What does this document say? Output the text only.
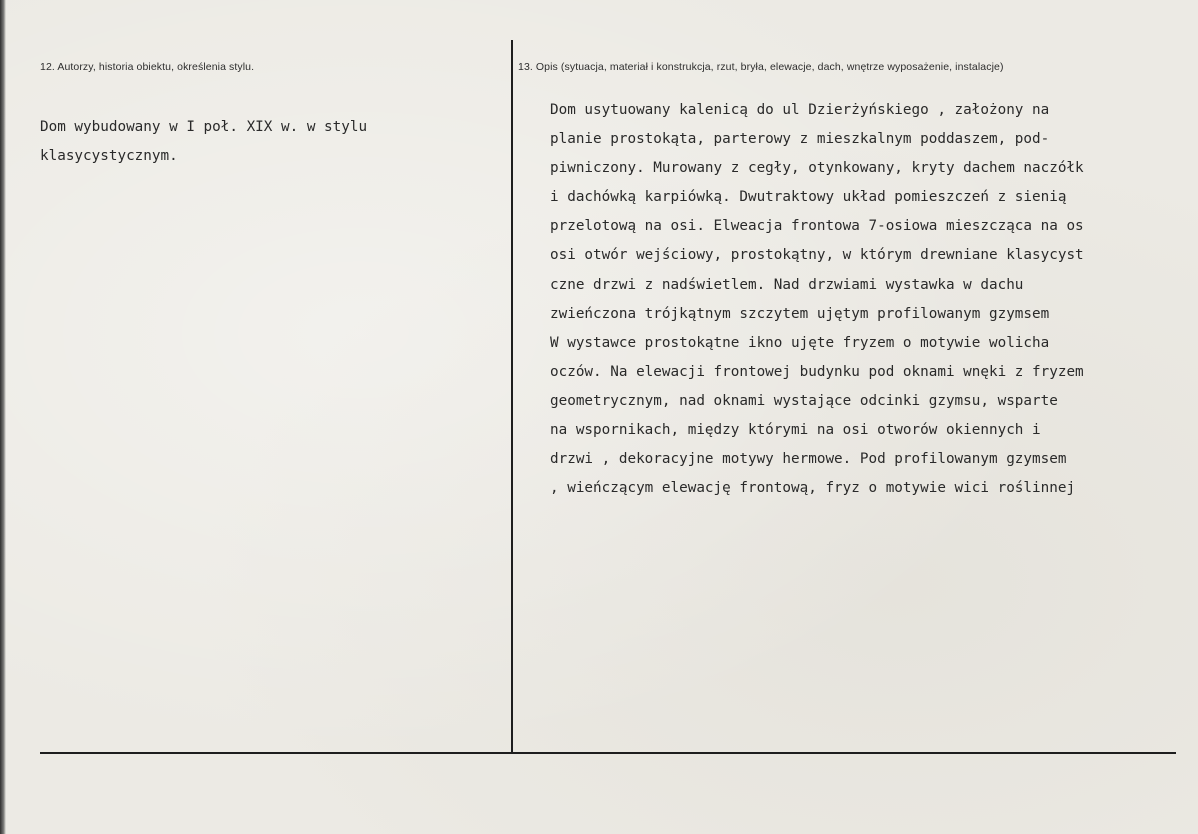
12. Autorzy, historia obiektu, określenia stylu.	13. Opis (sytuacja, materiał i konstrukcja, rzut, bryła, elewacje, dach, wnętrze wyposażenie, instalacje)
Dom wybudowany w I poł. XIX w. w stylu
klasycystycznym.
Dom usytuowany kalenicą do ul Dzierżyńskiego , założony na
planie prostokąta, parterowy z mieszkalnym poddaszem, pod-
piwniczony. Murowany z cegły, otynkowany, kryty dachem naczółk
i dachówką karpiówką. Dwutraktowy układ pomieszczeń z sienią
przelotową na osi. Elweacja frontowa 7-osiowa mieszcząca na os
osi otwór wejściowy, prostokątny, w którym drewniane klasycyst
czne drzwi z nadświetlem. Nad drzwiami wystawka w dachu
zwieńczona trójkątnym szczytem ujętym profilowanym gzymsem
W wystawce prostokątne ikno ujęte fryzem o motywie wolicha
oczów. Na elewacji frontowej budynku pod oknami wnęki z fryzem
geometrycznym, nad oknami wystające odcinki gzymsu, wsparte
na wspornikach, między którymi na osi otworów okiennych i
drzwi , dekoracyjne motywy hermowe. Pod profilowanym gzymsem
, wieńczącym elewację frontową, fryz o motywie wici roślinnej
